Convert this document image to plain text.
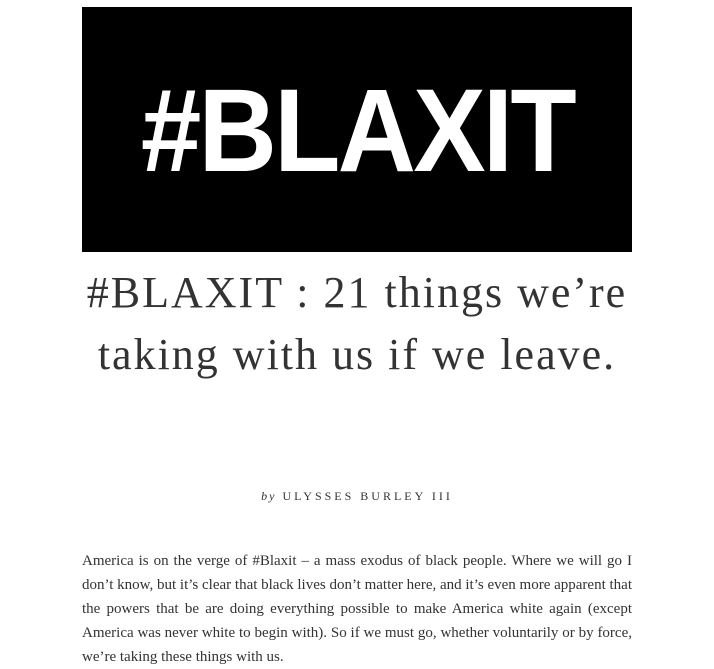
#BLAXIT
#BLAXIT : 21 things we’re taking with us if we leave.
by ULYSSES BURLEY III

America is on the verge of #Blaxit – a mass exodus of black people. Where we will go I don’t know, but it’s clear that black lives don’t matter here, and it’s even more apparent that the powers that be are doing everything possible to make America white again (except America was never white to begin with). So if we must go, whether voluntarily or by force, we’re taking these things with us.
